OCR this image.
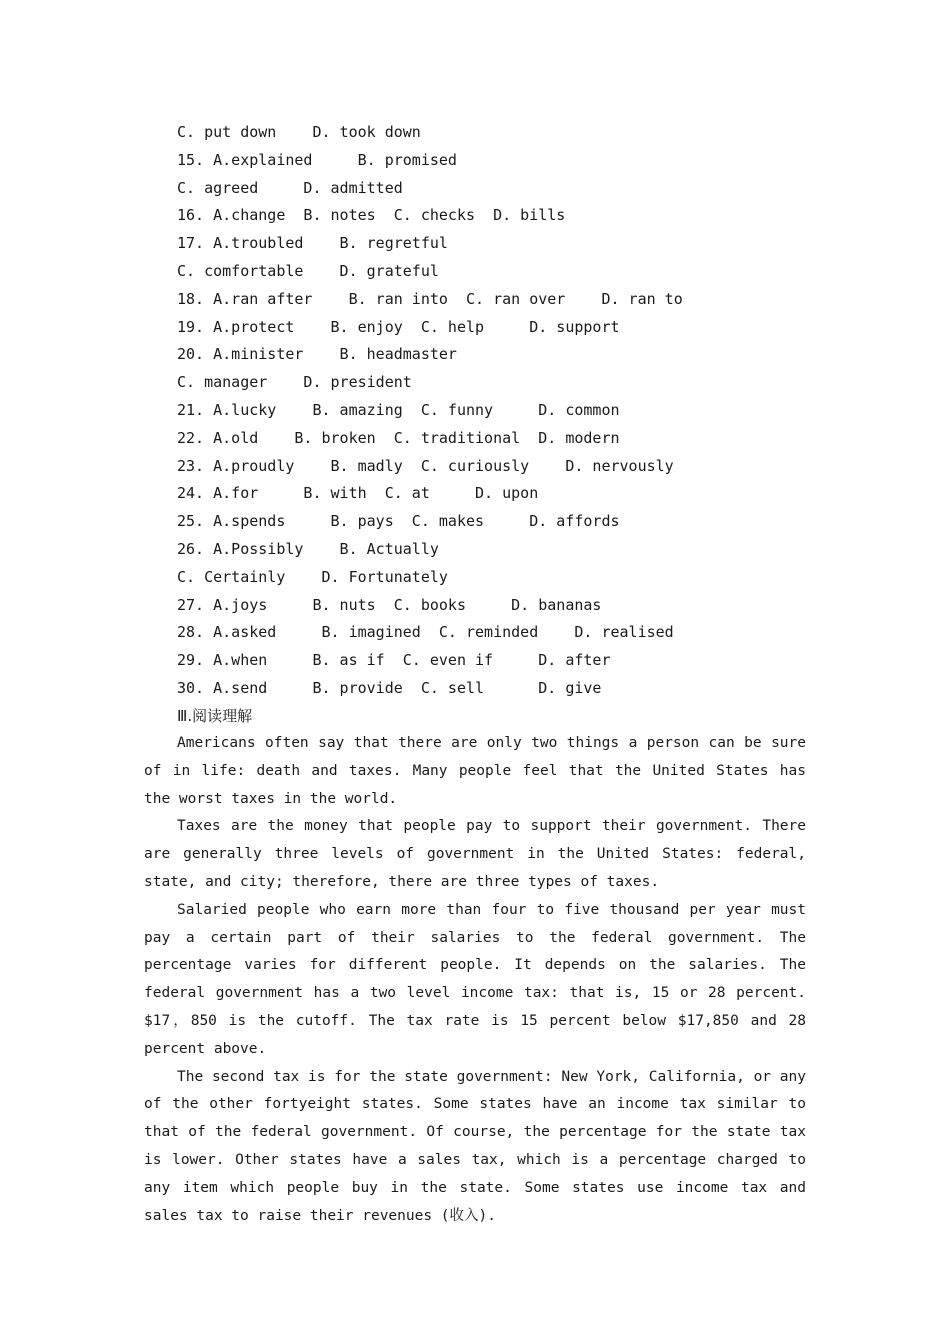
C. put down    D. took down
15. A.explained     B. promised
C. agreed     D. admitted
16. A.change  B. notes  C. checks  D. bills
17. A.troubled    B. regretful
C. comfortable    D. grateful
18. A.ran after    B. ran into  C. ran over    D. ran to
19. A.protect    B. enjoy  C. help     D. support
20. A.minister    B. headmaster
C. manager    D. president
21. A.lucky    B. amazing  C. funny     D. common
22. A.old    B. broken  C. traditional  D. modern
23. A.proudly    B. madly  C. curiously    D. nervously
24. A.for     B. with  C. at     D. upon
25. A.spends     B. pays  C. makes     D. affords
26. A.Possibly    B. Actually
C. Certainly    D. Fortunately
27. A.joys     B. nuts  C. books     D. bananas
28. A.asked     B. imagined  C. reminded    D. realised
29. A.when     B. as if  C. even if     D. after
30. A.send     B. provide  C. sell      D. give
Ⅲ.阅读理解

Americans often say that there are only two things a person can be sure of in life: death and taxes. Many people feel that the United States has the worst taxes in the world.

Taxes are the money that people pay to support their government. There are generally three levels of government in the United States: federal, state, and city; therefore, there are three types of taxes.

Salaried people who earn more than four to five thousand per year must pay a certain part of their salaries to the federal government. The percentage varies for different people. It depends on the salaries. The federal government has a two level income tax: that is, 15 or 28 percent. $17，850 is the cutoff. The tax rate is 15 percent below $17,850 and 28 percent above.

The second tax is for the state government: New York, California, or any of the other fortyeight states. Some states have an income tax similar to that of the federal government. Of course, the percentage for the state tax is lower. Other states have a sales tax, which is a percentage charged to any item which people buy in the state. Some states use income tax and sales tax to raise their revenues (收入).
